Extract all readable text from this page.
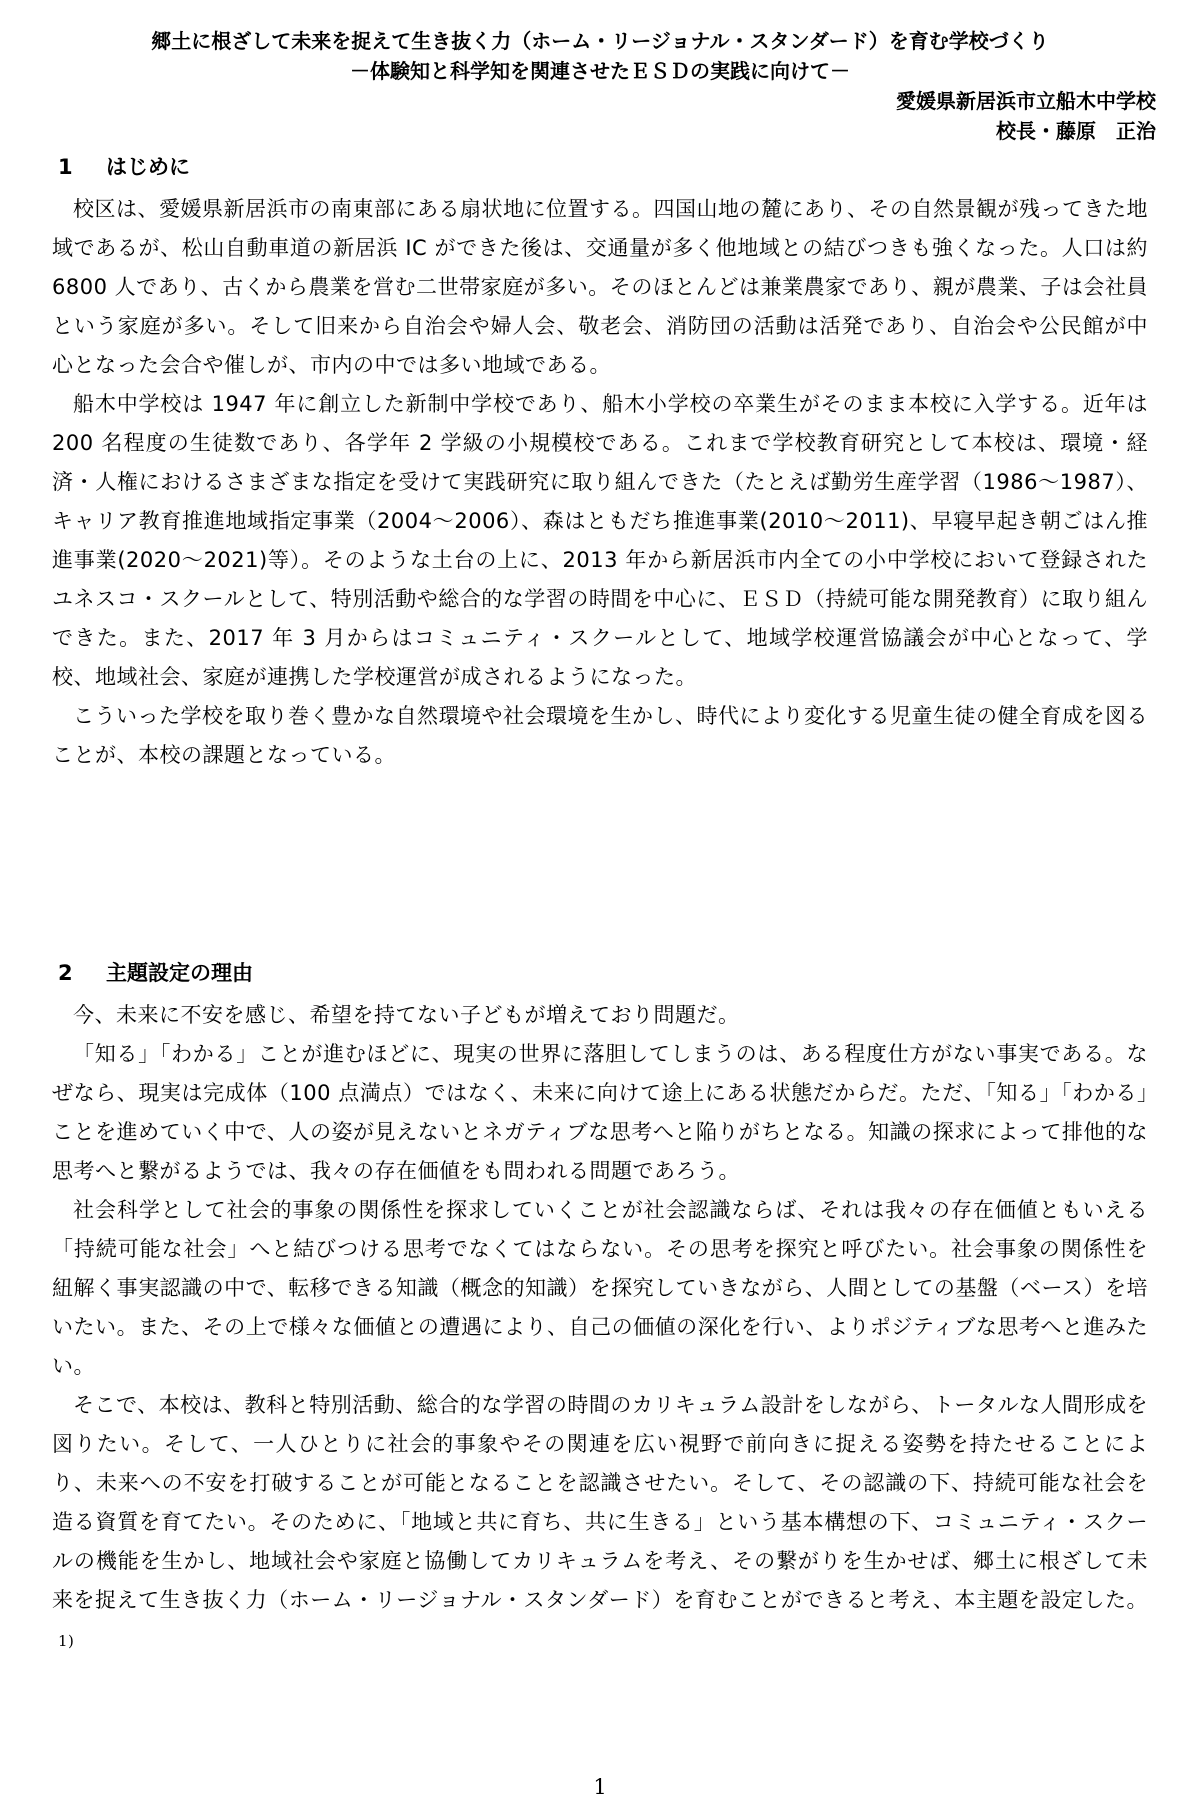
郷土に根ざして未来を捉えて生き抜く力（ホーム・リージョナル・スタンダード）を育む学校づくり
－体験知と科学知を関連させたＥＳＤの実践に向けて－
愛媛県新居浜市立船木中学校
校長・藤原　正治
1	はじめに

校区は、愛媛県新居浜市の南東部にある扇状地に位置する。四国山地の麓にあり、その自然景観が残ってきた地域であるが、松山自動車道の新居浜 IC ができた後は、交通量が多く他地域との結びつきも強くなった。人口は約 6800 人であり、古くから農業を営む二世帯家庭が多い。そのほとんどは兼業農家であり、親が農業、子は会社員という家庭が多い。そして旧来から自治会や婦人会、敬老会、消防団の活動は活発であり、自治会や公民館が中心となった会合や催しが、市内の中では多い地域である。

船木中学校は 1947 年に創立した新制中学校であり、船木小学校の卒業生がそのまま本校に入学する。近年は 200 名程度の生徒数であり、各学年 2 学級の小規模校である。これまで学校教育研究として本校は、環境・経済・人権におけるさまざまな指定を受けて実践研究に取り組んできた（たとえば勤労生産学習（1986～1987）、キャリア教育推進地域指定事業（2004～2006）、森はともだち推進事業(2010～2011)、早寝早起き朝ごはん推進事業(2020～2021)等）。そのような土台の上に、2013 年から新居浜市内全ての小中学校において登録されたユネスコ・スクールとして、特別活動や総合的な学習の時間を中心に、ＥＳＤ（持続可能な開発教育）に取り組んできた。また、2017 年 3 月からはコミュニティ・スクールとして、地域学校運営協議会が中心となって、学校、地域社会、家庭が連携した学校運営が成されるようになった。

こういった学校を取り巻く豊かな自然環境や社会環境を生かし、時代により変化する児童生徒の健全育成を図ることが、本校の課題となっている。

2	主題設定の理由

今、未来に不安を感じ、希望を持てない子どもが増えており問題だ。

「知る」「わかる」ことが進むほどに、現実の世界に落胆してしまうのは、ある程度仕方がない事実である。なぜなら、現実は完成体（100 点満点）ではなく、未来に向けて途上にある状態だからだ。ただ、「知る」「わかる」ことを進めていく中で、人の姿が見えないとネガティブな思考へと陥りがちとなる。知識の探求によって排他的な思考へと繋がるようでは、我々の存在価値をも問われる問題であろう。

社会科学として社会的事象の関係性を探求していくことが社会認識ならば、それは我々の存在価値ともいえる「持続可能な社会」へと結びつける思考でなくてはならない。その思考を探究と呼びたい。社会事象の関係性を紐解く事実認識の中で、転移できる知識（概念的知識）を探究していきながら、人間としての基盤（ベース）を培いたい。また、その上で様々な価値との遭遇により、自己の価値の深化を行い、よりポジティブな思考へと進みたい。

そこで、本校は、教科と特別活動、総合的な学習の時間のカリキュラム設計をしながら、トータルな人間形成を図りたい。そして、一人ひとりに社会的事象やその関連を広い視野で前向きに捉える姿勢を持たせることにより、未来への不安を打破することが可能となることを認識させたい。そして、その認識の下、持続可能な社会を造る資質を育てたい。そのために、「地域と共に育ち、共に生きる」という基本構想の下、コミュニティ・スクールの機能を生かし、地域社会や家庭と協働してカリキュラムを考え、その繋がりを生かせば、郷土に根ざして未来を捉えて生き抜く力（ホーム・リージョナル・スタンダード）を育むことができると考え、本主題を設定した。1)

1
